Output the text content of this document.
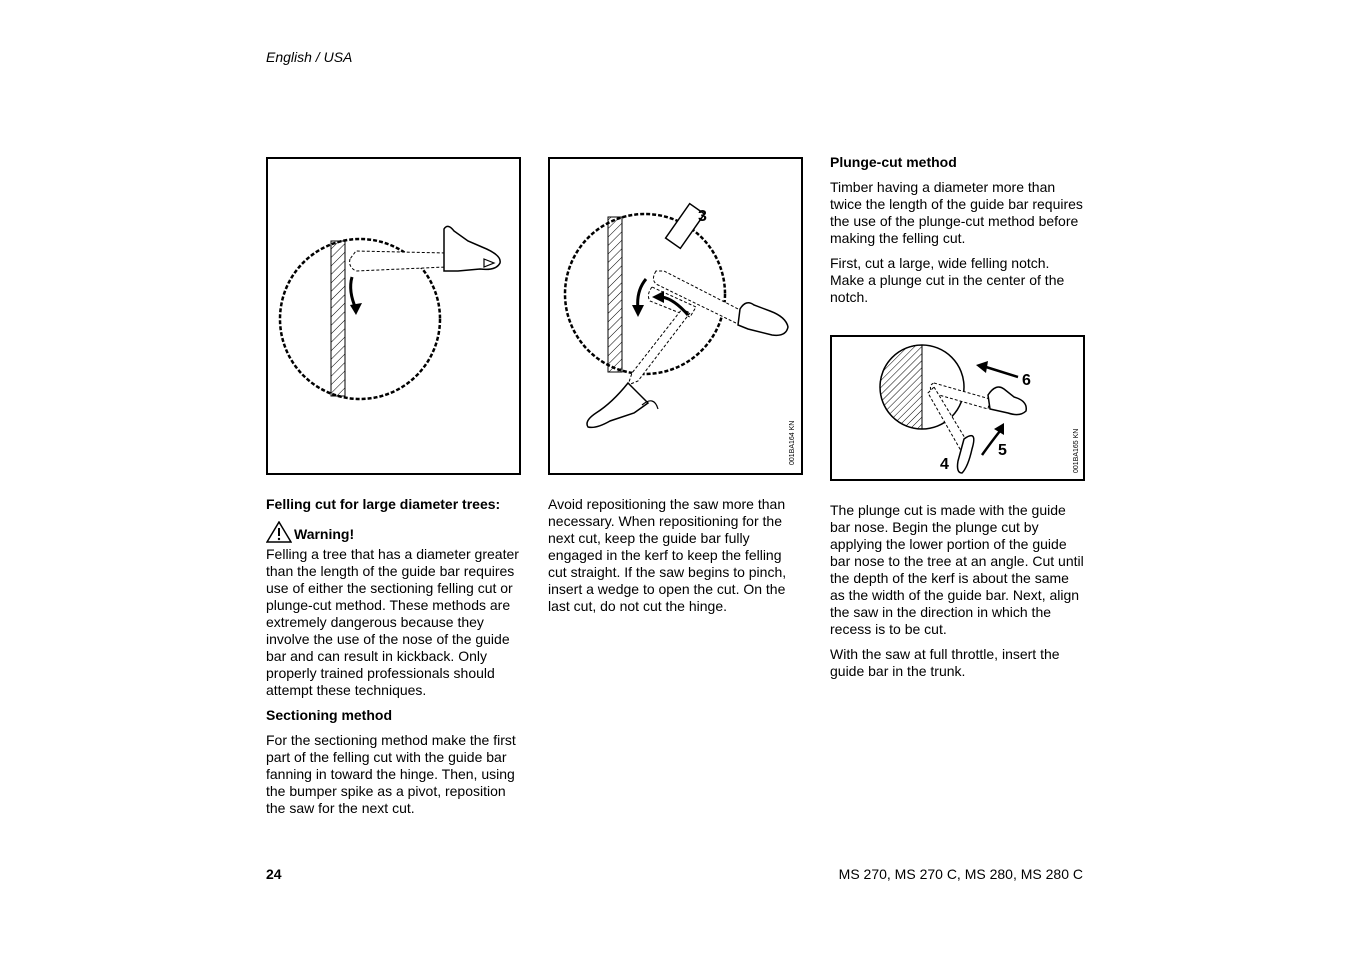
English / USA
3
001BA164 KN
6
5
4	001BA165 KN
Felling cut for large diameter trees:
Warning!

Felling a tree that has a diameter greater than the length of the guide bar requires use of either the sectioning felling cut or plunge-cut method. These methods are extremely dangerous because they involve the use of the nose of the guide bar and can result in kickback. Only properly trained professionals should attempt these techniques.

Sectioning method

For the sectioning method make the first part of the felling cut with the guide bar fanning in toward the hinge. Then, using the bumper spike as a pivot, reposition the saw for the next cut.

Avoid repositioning the saw more than necessary. When repositioning for the next cut, keep the guide bar fully engaged in the kerf to keep the felling cut straight. If the saw begins to pinch, insert a wedge to open the cut. On the last cut, do not cut the hinge.

Plunge-cut method

Timber having a diameter more than twice the length of the guide bar requires the use of the plunge-cut method before making the felling cut.

First, cut a large, wide felling notch. Make a plunge cut in the center of the notch.

The plunge cut is made with the guide bar nose. Begin the plunge cut by applying the lower portion of the guide bar nose to the tree at an angle. Cut until the depth of the kerf is about the same as the width of the guide bar. Next, align the saw in the direction in which the recess is to be cut.

With the saw at full throttle, insert the guide bar in the trunk.

24	MS 270, MS 270 C, MS 280, MS 280 C
